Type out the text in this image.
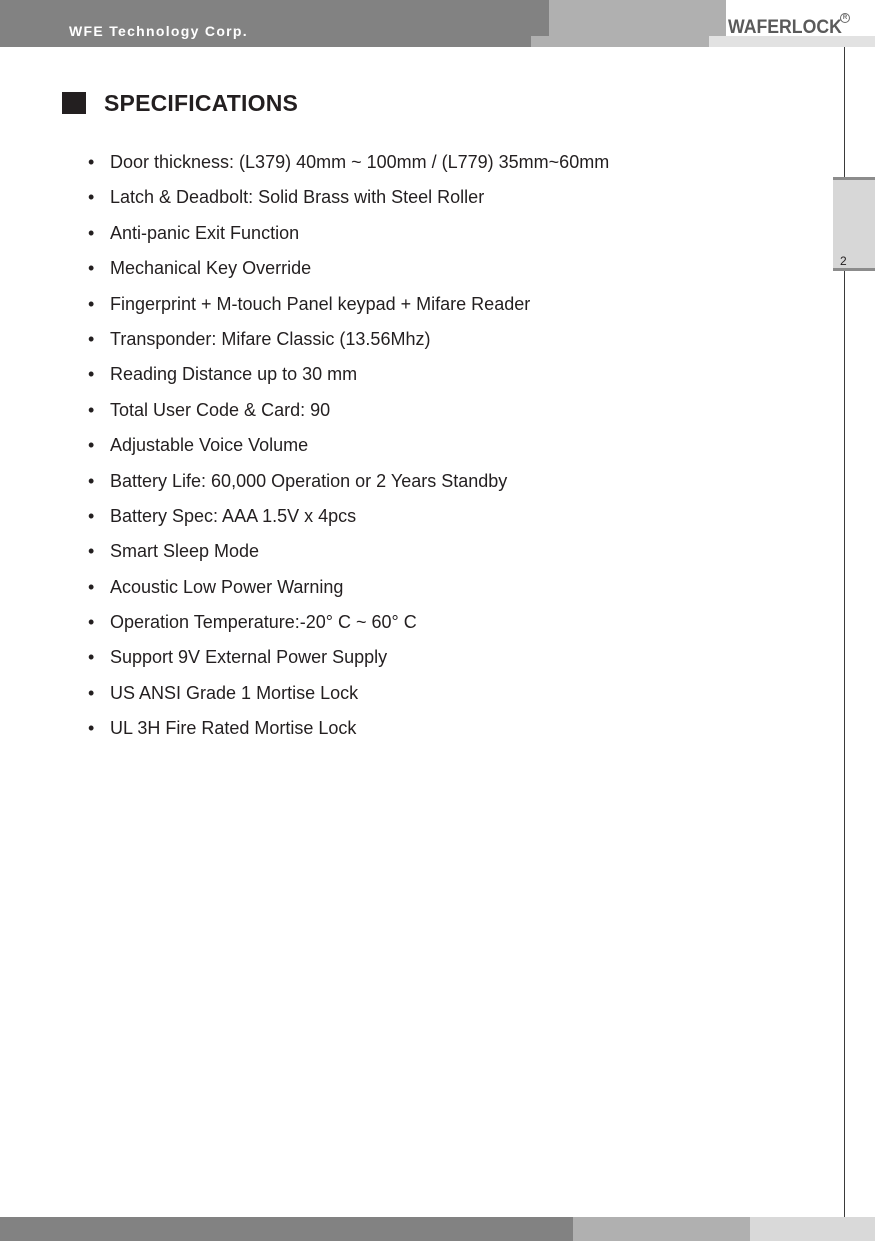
WFE Technology Corp.	WAFERLOCK R
2
SPECIFICATIONS
• Door thickness: (L379) 40mm ~ 100mm / (L779) 35mm~60mm
• Latch & Deadbolt: Solid Brass with Steel Roller
• Anti-panic Exit Function
• Mechanical Key Override
• Fingerprint + M-touch Panel keypad + Mifare Reader
• Transponder: Mifare Classic (13.56Mhz)
• Reading Distance up to 30 mm
• Total User Code & Card: 90
• Adjustable Voice Volume
• Battery Life: 60,000 Operation or 2 Years Standby
• Battery Spec: AAA 1.5V x 4pcs
• Smart Sleep Mode
• Acoustic Low Power Warning
• Operation Temperature:-20° C ~ 60° C
• Support 9V External Power Supply
• US ANSI Grade 1 Mortise Lock
• UL 3H Fire Rated Mortise Lock
